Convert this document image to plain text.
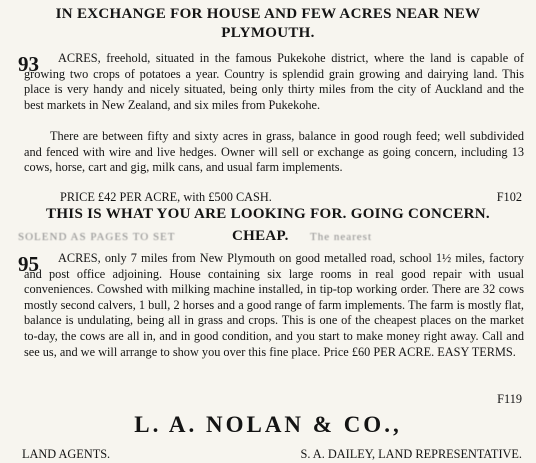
IN EXCHANGE FOR HOUSE AND FEW ACRES NEAR NEW
PLYMOUTH.
93	ACRES, freehold, situated in the famous Pukekohe district, where the land is capable of growing two crops of potatoes a year. Country is splendid grain growing and dairying land. This place is very handy and nicely situated, being only thirty miles from the city of Auckland and the best markets in New Zealand, and six miles from Pukekohe.
There are between fifty and sixty acres in grass, balance in good rough feed; well subdivided and fenced with wire and live hedges. Owner will sell or exchange as going concern, including 13 cows, horse, cart and gig, milk cans, and usual farm implements.
PRICE £42 PER ACRE, with £500 CASH.	F102
THIS IS WHAT YOU ARE LOOKING FOR. GOING CONCERN.
SOLEND AS PAGES TO SET	CHEAP. The nearest
95	ACRES, only 7 miles from New Plymouth on good metalled road, school 1½ miles, factory and post office adjoining. House containing six large rooms in real good repair with usual conveniences. Cowshed with milking machine installed, in tip-top working order. There are 32 cows mostly second calvers, 1 bull, 2 horses and a good range of farm implements. The farm is mostly flat, balance is undulating, being all in grass and crops. This is one of the cheapest places on the market to-day, the cows are all in, and in good condition, and you start to make money right away. Call and see us, and we will arrange to show you over this fine place. Price £60 PER ACRE. EASY TERMS.
F119
L. A. NOLAN & CO.,
LAND AGENTS.	S. A. DAILEY, LAND REPRESENTATIVE.
